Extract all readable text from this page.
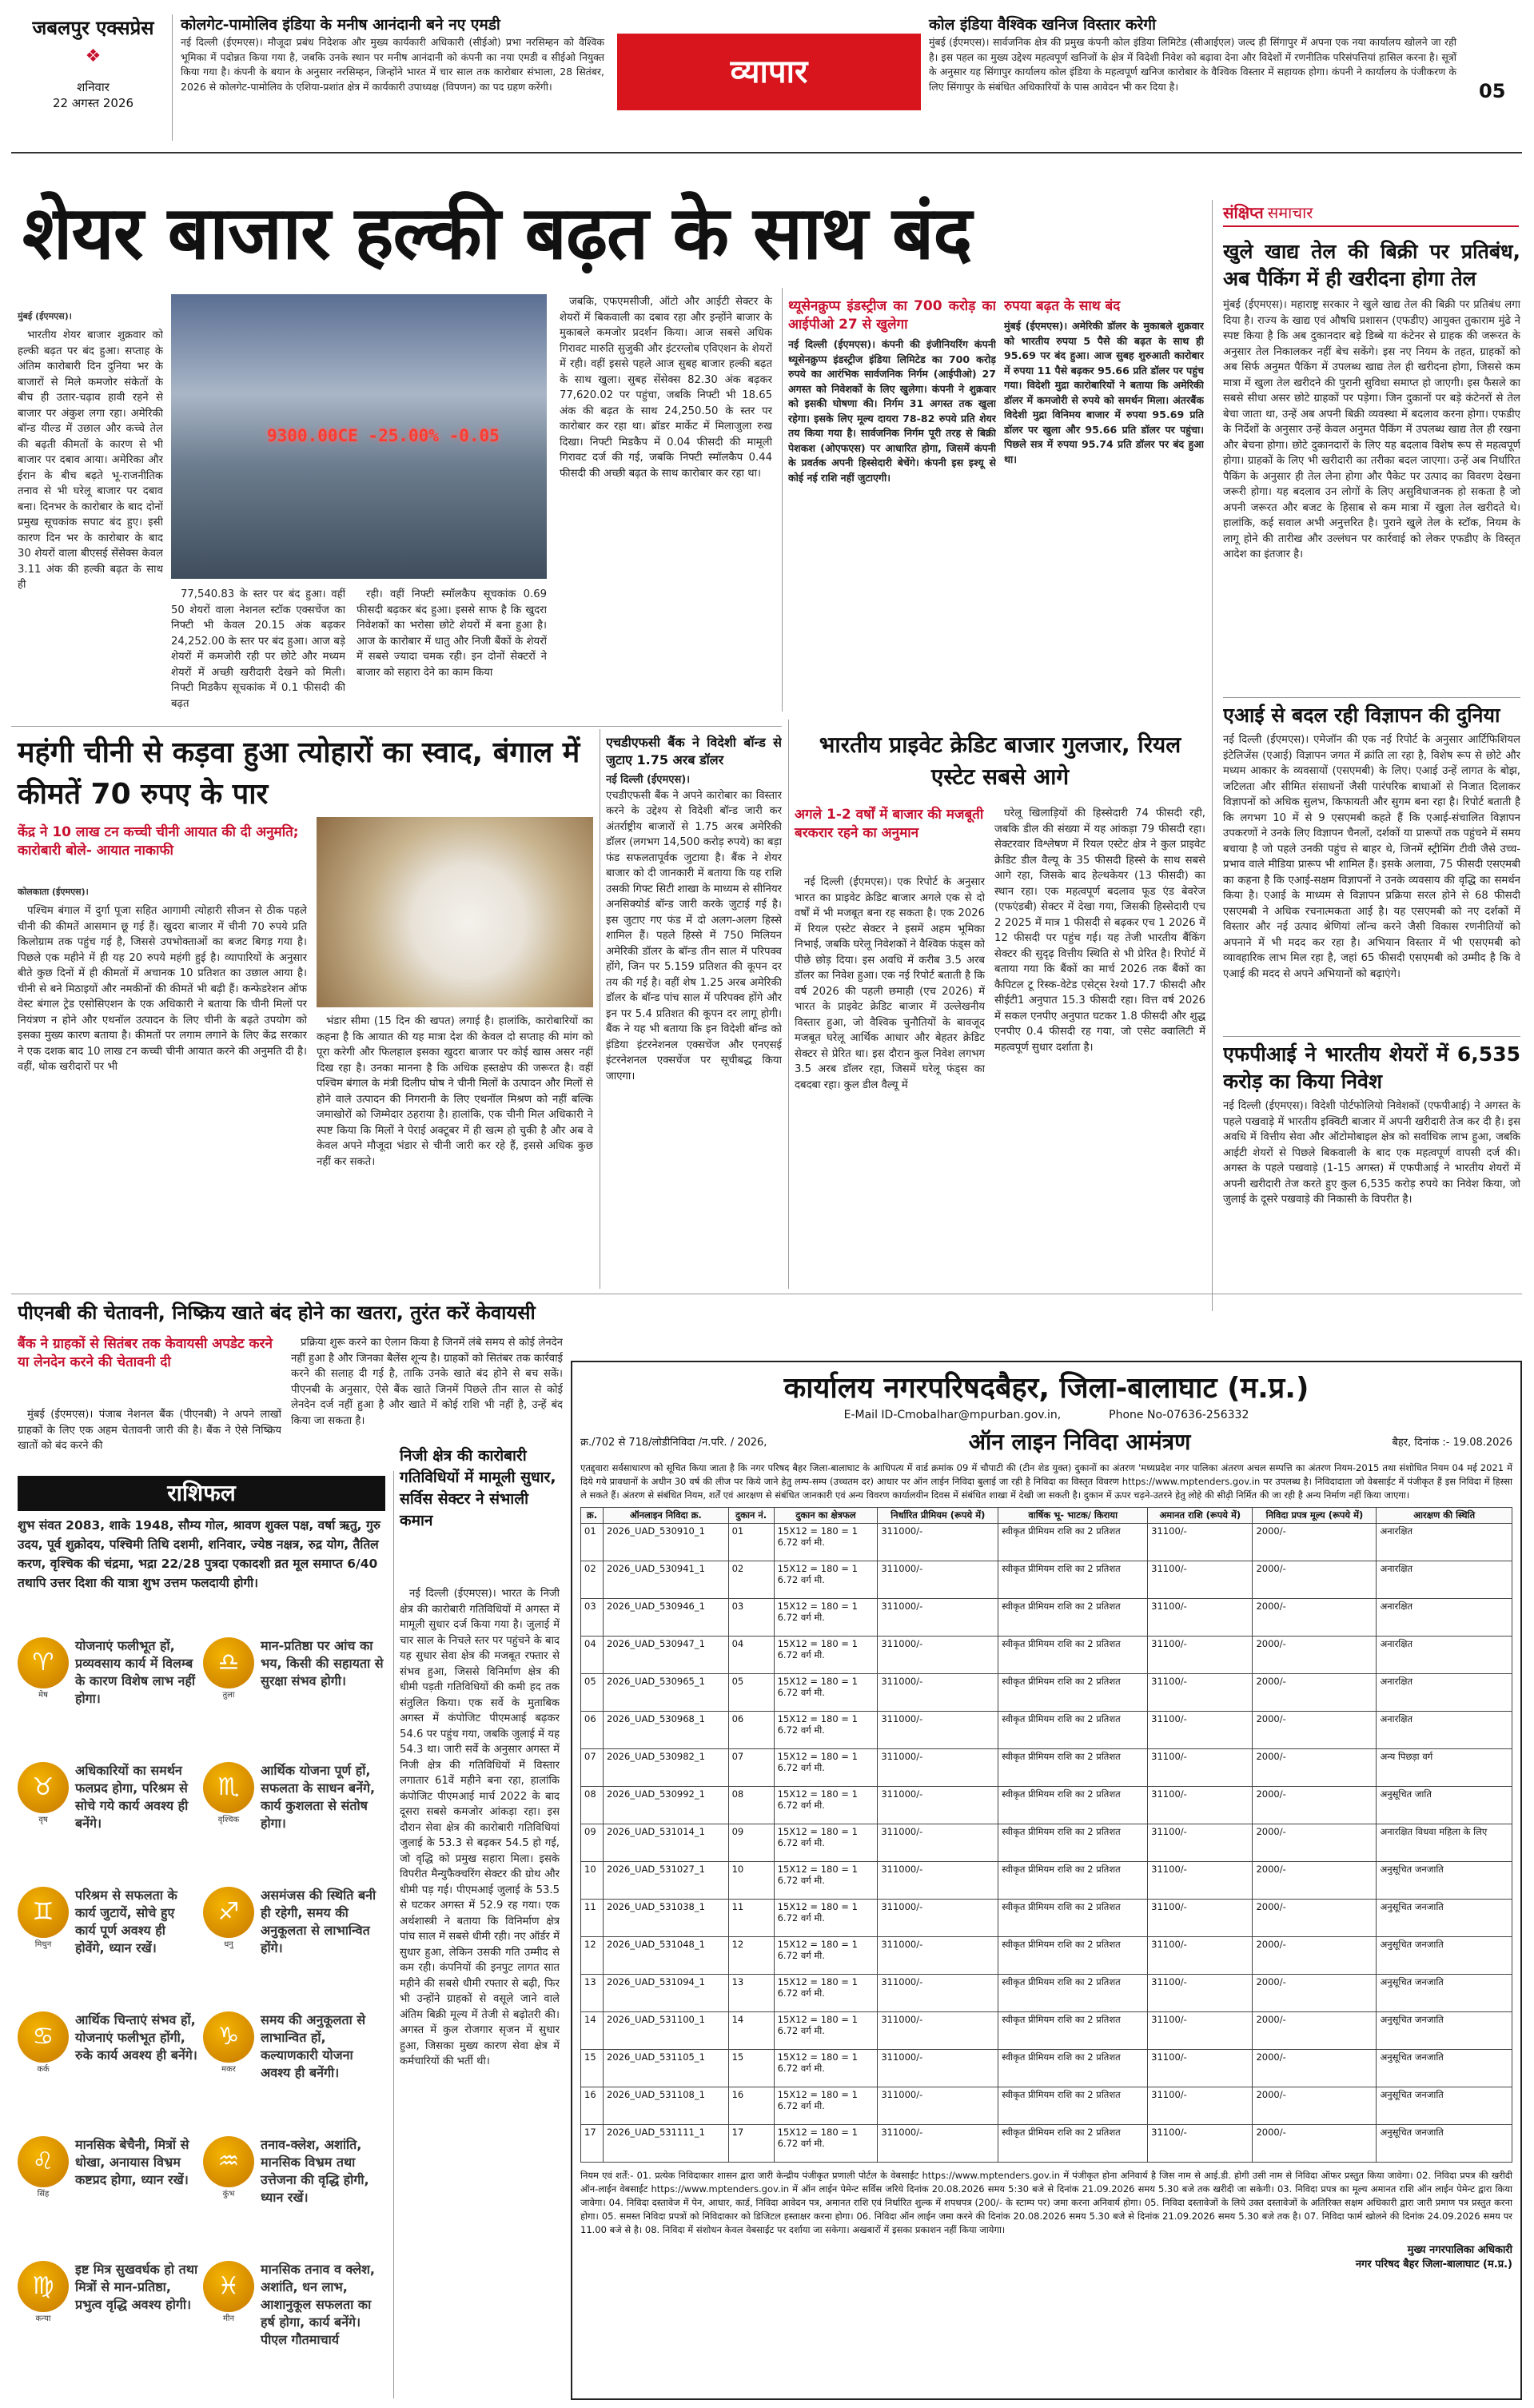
जबलपुर एक्सप्रेस
❖
शनिवार
22 अगस्त 2026
कोलगेट-पामोलिव इंडिया के मनीष आनंदानी बने नए एमडी
नई दिल्ली (ईएमएस)। मौजूदा प्रबंध निदेशक और मुख्य कार्यकारी अधिकारी (सीईओ) प्रभा नरसिम्हन को वैश्विक भूमिका में पदोन्नत किया गया है, जबकि उनके स्थान पर मनीष आनंदानी को कंपनी का नया एमडी व सीईओ नियुक्त किया गया है। कंपनी के बयान के अनुसार नरसिम्हन, जिन्होंने भारत में चार साल तक कारोबार संभाला, 28 सितंबर, 2026 से कोलगेट-पामोलिव के एशिया-प्रशांत क्षेत्र में कार्यकारी उपाध्यक्ष (विपणन) का पद ग्रहण करेंगी।	व्यापार
कोल इंडिया वैश्विक खनिज विस्तार करेगी
मुंबई (ईएमएस)। सार्वजनिक क्षेत्र की प्रमुख कंपनी कोल इंडिया लिमिटेड (सीआईएल) जल्द ही सिंगापुर में अपना एक नया कार्यालय खोलने जा रही है। इस पहल का मुख्य उद्देश्य महत्वपूर्ण खनिजों के क्षेत्र में विदेशी निवेश को बढ़ावा देना और विदेशों में रणनीतिक परिसंपत्तियां हासिल करना है। सूत्रों के अनुसार यह सिंगापुर कार्यालय कोल इंडिया के महत्वपूर्ण खनिज कारोबार के वैश्विक विस्तार में सहायक होगा। कंपनी ने कार्यालय के पंजीकरण के लिए सिंगापुर के संबंधित अधिकारियों के पास आवेदन भी कर दिया है।	05
शेयर बाजार हल्की बढ़त के साथ बंद
मुंबई (ईएमएस)।

भारतीय शेयर बाजार शुक्रवार को हल्की बढ़त पर बंद हुआ। सप्ताह के अंतिम कारोबारी दिन दुनिया भर के बाजारों से मिले कमजोर संकेतों के बीच ही उतार-चढ़ाव हावी रहने से बाजार पर अंकुश लगा रहा। अमेरिकी बॉन्ड यील्ड में उछाल और कच्चे तेल की बढ़ती कीमतों के कारण से भी बाजार पर दबाव आया। अमेरिका और ईरान के बीच बढ़ते भू-राजनीतिक तनाव से भी घरेलू बाजार पर दबाव बना। दिनभर के कारोबार के बाद दोनों प्रमुख सूचकांक सपाट बंद हुए। इसी कारण दिन भर के कारोबार के बाद 30 शेयरों वाला बीएसई सेंसेक्स केवल 3.11 अंक की हल्की बढ़त के साथ ही

9300.00CE -25.00% -0.05

77,540.83 के स्तर पर बंद हुआ। वहीं 50 शेयरों वाला नेशनल स्टॉक एक्सचेंज का निफ्टी भी केवल 20.15 अंक बढ़कर 24,252.00 के स्तर पर बंद हुआ। आज बड़े शेयरों में कमजोरी रही पर छोटे और मध्यम शेयरों में अच्छी खरीदारी देखने को मिली। निफ्टी मिडकैप सूचकांक में 0.1 फीसदी की बढ़त

रही। वहीं निफ्टी स्मॉलकैप सूचकांक 0.69 फीसदी बढ़कर बंद हुआ। इससे साफ है कि खुदरा निवेशकों का भरोसा छोटे शेयरों में बना हुआ है। आज के कारोबार में धातु और निजी बैंकों के शेयरों में सबसे ज्यादा चमक रही। इन दोनों सेक्टरों ने बाजार को सहारा देने का काम किया

जबकि, एफएमसीजी, ऑटो और आईटी सेक्टर के शेयरों में बिकवाली का दबाव रहा और इन्होंने बाजार के मुकाबले कमजोर प्रदर्शन किया। आज सबसे अधिक गिरावट मारुति सुजुकी और इंटरग्लोब एविएशन के शेयरों में रही। वहीं इससे पहले आज सुबह बाजार हल्की बढ़त के साथ खुला। सुबह सेंसेक्स 82.30 अंक बढ़कर 77,620.02 पर पहुंचा, जबकि निफ्टी भी 18.65 अंक की बढ़त के साथ 24,250.50 के स्तर पर कारोबार कर रहा था। ब्रॉडर मार्केट में मिलाजुला रुख दिखा। निफ्टी मिडकैप में 0.04 फीसदी की मामूली गिरावट दर्ज की गई, जबकि निफ्टी स्मॉलकैप 0.44 फीसदी की अच्छी बढ़त के साथ कारोबार कर रहा था।

थ्यूसेनक्रुप्प इंडस्ट्रीज का 700 करोड़ का आईपीओ 27 से खुलेगा
नई दिल्ली (ईएमएस)। कंपनी की इंजीनियरिंग कंपनी थ्यूसेनक्रुप्प इंडस्ट्रीज इंडिया लिमिटेड का 700 करोड़ रुपये का आरंभिक सार्वजनिक निर्गम (आईपीओ) 27 अगस्त को निवेशकों के लिए खुलेगा। कंपनी ने शुक्रवार को इसकी घोषणा की। निर्गम 31 अगस्त तक खुला रहेगा। इसके लिए मूल्य दायरा 78-82 रुपये प्रति शेयर तय किया गया है। सार्वजनिक निर्गम पूरी तरह से बिक्री पेशकश (ओएफएस) पर आधारित होगा, जिसमें कंपनी के प्रवर्तक अपनी हिस्सेदारी बेचेंगे। कंपनी इस इश्यू से कोई नई राशि नहीं जुटाएगी।
रुपया बढ़त के साथ बंद
मुंबई (ईएमएस)। अमेरिकी डॉलर के मुकाबले शुक्रवार को भारतीय रुपया 5 पैसे की बढ़त के साथ ही 95.69 पर बंद हुआ। आज सुबह शुरुआती कारोबार में रुपया 11 पैसे बढ़कर 95.66 प्रति डॉलर पर पहुंच गया। विदेशी मुद्रा कारोबारियों ने बताया कि अमेरिकी डॉलर में कमजोरी से रुपये को समर्थन मिला। अंतरबैंक विदेशी मुद्रा विनिमय बाजार में रुपया 95.69 प्रति डॉलर पर खुला और 95.66 प्रति डॉलर पर पहुंचा। पिछले सत्र में रुपया 95.74 प्रति डॉलर पर बंद हुआ था।
संक्षिप्त समाचार
खुले खाद्य तेल की बिक्री पर प्रतिबंध, अब पैकिंग में ही खरीदना होगा तेल
मुंबई (ईएमएस)। महाराष्ट्र सरकार ने खुले खाद्य तेल की बिक्री पर प्रतिबंध लगा दिया है। राज्य के खाद्य एवं औषधि प्रशासन (एफडीए) आयुक्त तुकाराम मुंढे ने स्पष्ट किया है कि अब दुकानदार बड़े डिब्बे या कंटेनर से ग्राहक की जरूरत के अनुसार तेल निकालकर नहीं बेच सकेंगे। इस नए नियम के तहत, ग्राहकों को अब सिर्फ अनुमत पैकिंग में उपलब्ध खाद्य तेल ही खरीदना होगा, जिससे कम मात्रा में खुला तेल खरीदने की पुरानी सुविधा समाप्त हो जाएगी। इस फैसले का सबसे सीधा असर छोटे ग्राहकों पर पड़ेगा। जिन दुकानों पर बड़े कंटेनरों से तेल बेचा जाता था, उन्हें अब अपनी बिक्री व्यवस्था में बदलाव करना होगा। एफडीए के निर्देशों के अनुसार उन्हें केवल अनुमत पैकिंग में उपलब्ध खाद्य तेल ही रखना और बेचना होगा। छोटे दुकानदारों के लिए यह बदलाव विशेष रूप से महत्वपूर्ण होगा। ग्राहकों के लिए भी खरीदारी का तरीका बदल जाएगा। उन्हें अब निर्धारित पैकिंग के अनुसार ही तेल लेना होगा और पैकेट पर उत्पाद का विवरण देखना जरूरी होगा। यह बदलाव उन लोगों के लिए असुविधाजनक हो सकता है जो अपनी जरूरत और बजट के हिसाब से कम मात्रा में खुला तेल खरीदते थे। हालांकि, कई सवाल अभी अनुत्तरित है। पुराने खुले तेल के स्टॉक, नियम के लागू होने की तारीख और उल्लंघन पर कार्रवाई को लेकर एफडीए के विस्तृत आदेश का इंतजार है।
एआई से बदल रही विज्ञापन की दुनिया
नई दिल्ली (ईएमएस)। एमेजॉन की एक नई रिपोर्ट के अनुसार आर्टिफिशियल इंटेलिजेंस (एआई) विज्ञापन जगत में क्रांति ला रहा है, विशेष रूप से छोटे और मध्यम आकार के व्यवसायों (एसएमबी) के लिए। एआई उन्हें लागत के बोझ, जटिलता और सीमित संसाधनों जैसी पारंपरिक बाधाओं से निजात दिलाकर विज्ञापनों को अधिक सुलभ, किफायती और सुगम बना रहा है। रिपोर्ट बताती है कि लगभग 10 में से 9 एसएमबी कहते हैं कि एआई-संचालित विज्ञापन उपकरणों ने उनके लिए विज्ञापन चैनलों, दर्शकों या प्रारूपों तक पहुंचने में समय बचाया है जो पहले उनकी पहुंच से बाहर थे, जिनमें स्ट्रीमिंग टीवी जैसे उच्च-प्रभाव वाले मीडिया प्रारूप भी शामिल हैं। इसके अलावा, 75 फीसदी एसएमबी का कहना है कि एआई-सक्षम विज्ञापनों ने उनके व्यवसाय की वृद्धि का समर्थन किया है। एआई के माध्यम से विज्ञापन प्रक्रिया सरल होने से 68 फीसदी एसएमबी ने अधिक रचनात्मकता आई है। यह एसएमबी को नए दर्शकों में विस्तार और नई उत्पाद श्रेणियां लॉन्च करने जैसी विकास रणनीतियों को अपनाने में भी मदद कर रहा है। अभियान विस्तार में भी एसएमबी को व्यावहारिक लाभ मिल रहा है, जहां 65 फीसदी एसएमबी को उम्मीद है कि वे एआई की मदद से अपने अभियानों को बढ़ाएंगे।
एफपीआई ने भारतीय शेयरों में 6,535 करोड़ का किया निवेश
नई दिल्ली (ईएमएस)। विदेशी पोर्टफोलियो निवेशकों (एफपीआई) ने अगस्त के पहले पखवाड़े में भारतीय इक्विटी बाजार में अपनी खरीदारी तेज कर दी है। इस अवधि में वित्तीय सेवा और ऑटोमोबाइल क्षेत्र को सर्वाधिक लाभ हुआ, जबकि आईटी शेयरों से पिछले बिकवाली के बाद एक महत्वपूर्ण वापसी दर्ज की। अगस्त के पहले पखवाड़े (1-15 अगस्त) में एफपीआई ने भारतीय शेयरों में अपनी खरीदारी तेज करते हुए कुल 6,535 करोड़ रुपये का निवेश किया, जो जुलाई के दूसरे पखवाड़े की निकासी के विपरीत है।
महंगी चीनी से कड़वा हुआ त्योहारों का स्वाद, बंगाल में कीमतें 70 रुपए के पार
केंद्र ने 10 लाख टन कच्ची चीनी आयात की दी अनुमति; कारोबारी बोले- आयात नाकाफी
कोलकाता (ईएमएस)।

पश्चिम बंगाल में दुर्गा पूजा सहित आगामी त्योहारी सीजन से ठीक पहले चीनी की कीमतें आसमान छू गई हैं। खुदरा बाजार में चीनी 70 रुपये प्रति किलोग्राम तक पहुंच गई है, जिससे उपभोक्ताओं का बजट बिगड़ गया है। पिछले एक महीने में ही यह 20 रुपये महंगी हुई है। व्यापारियों के अनुसार बीते कुछ दिनों में ही कीमतों में अचानक 10 प्रतिशत का उछाल आया है। चीनी से बने मिठाइयों और नमकीनों की कीमतें भी बढ़ी हैं। कन्फेडरेशन ऑफ वेस्ट बंगाल ट्रेड एसोसिएशन के एक अधिकारी ने बताया कि चीनी मिलों पर नियंत्रण न होने और एथनॉल उत्पादन के लिए चीनी के बढ़ते उपयोग को इसका मुख्य कारण बताया है। कीमतों पर लगाम लगाने के लिए केंद्र सरकार ने एक दशक बाद 10 लाख टन कच्ची चीनी आयात करने की अनुमति दी है। वहीं, थोक खरीदारों पर भी

भंडार सीमा (15 दिन की खपत) लगाई है। हालांकि, कारोबारियों का कहना है कि आयात की यह मात्रा देश की केवल दो सप्ताह की मांग को पूरा करेगी और फिलहाल इसका खुदरा बाजार पर कोई खास असर नहीं दिख रहा है। उनका मानना है कि अधिक हस्तक्षेप की जरूरत है। वहीं पश्चिम बंगाल के मंत्री दिलीप घोष ने चीनी मिलों के उत्पादन और मिलों से होने वाले उत्पादन की निगरानी के लिए एथनॉल मिश्रण को नहीं बल्कि जमाखोरों को जिम्मेदार ठहराया है। हालांकि, एक चीनी मिल अधिकारी ने स्पष्ट किया कि मिलों ने पेराई अक्टूबर में ही खत्म हो चुकी है और अब वे केवल अपने मौजूदा भंडार से चीनी जारी कर रहे हैं, इससे अधिक कुछ नहीं कर सकते।

एचडीएफसी बैंक ने विदेशी बॉन्ड से जुटाए 1.75 अरब डॉलर
नई दिल्ली (ईएमएस)।
एचडीएफसी बैंक ने अपने कारोबार का विस्तार करने के उद्देश्य से विदेशी बॉन्ड जारी कर अंतर्राष्ट्रीय बाजारों से 1.75 अरब अमेरिकी डॉलर (लगभग 14,500 करोड़ रुपये) का बड़ा फंड सफलतापूर्वक जुटाया है। बैंक ने शेयर बाजार को दी जानकारी में बताया कि यह राशि उसकी गिफ्ट सिटी शाखा के माध्यम से सीनियर अनसिक्योर्ड बॉन्ड जारी करके जुटाई गई है। इस जुटाए गए फंड में दो अलग-अलग हिस्से शामिल हैं। पहले हिस्से में 750 मिलियन अमेरिकी डॉलर के बॉन्ड तीन साल में परिपक्व होंगे, जिन पर 5.159 प्रतिशत की कूपन दर तय की गई है। वहीं शेष 1.25 अरब अमेरिकी डॉलर के बॉन्ड पांच साल में परिपक्व होंगे और इन पर 5.4 प्रतिशत की कूपन दर लागू होगी। बैंक ने यह भी बताया कि इन विदेशी बॉन्ड को इंडिया इंटरनेशनल एक्सचेंज और एनएसई इंटरनेशनल एक्सचेंज पर सूचीबद्ध किया जाएगा।
भारतीय प्राइवेट क्रेडिट बाजार गुलजार, रियल एस्टेट सबसे आगे
अगले 1-2 वर्षों में बाजार की मजबूती बरकरार रहने का अनुमान

नई दिल्ली (ईएमएस)। एक रिपोर्ट के अनुसार भारत का प्राइवेट क्रेडिट बाजार अगले एक से दो वर्षों में भी मजबूत बना रह सकता है। एक 2026 में रियल एस्टेट सेक्टर ने इसमें अहम भूमिका निभाई, जबकि घरेलू निवेशकों ने वैश्विक फंड्स को पीछे छोड़ दिया। इस अवधि में करीब 3.5 अरब डॉलर का निवेश हुआ। एक नई रिपोर्ट बताती है कि वर्ष 2026 की पहली छमाही (एच 2026) में भारत के प्राइवेट क्रेडिट बाजार में उल्लेखनीय विस्तार हुआ, जो वैश्विक चुनौतियों के बावजूद मजबूत घरेलू आर्थिक आधार और बेहतर क्रेडिट सेक्टर से प्रेरित था। इस दौरान कुल निवेश लगभग 3.5 अरब डॉलर रहा, जिसमें घरेलू फंड्स का दबदबा रहा। कुल डील वैल्यू में

घरेलू खिलाड़ियों की हिस्सेदारी 74 फीसदी रही, जबकि डील की संख्या में यह आंकड़ा 79 फीसदी रहा। सेक्टरवार विश्लेषण में रियल एस्टेट क्षेत्र ने कुल प्राइवेट क्रेडिट डील वैल्यू के 35 फीसदी हिस्से के साथ सबसे आगे रहा, जिसके बाद हेल्थकेयर (13 फीसदी) का स्थान रहा। एक महत्वपूर्ण बदलाव फूड एंड बेवरेज (एफएंडबी) सेक्टर में देखा गया, जिसकी हिस्सेदारी एच 2 2025 में मात्र 1 फीसदी से बढ़कर एच 1 2026 में 12 फीसदी पर पहुंच गई। यह तेजी भारतीय बैंकिंग सेक्टर की सुदृढ़ वित्तीय स्थिति से भी प्रेरित है। रिपोर्ट में बताया गया कि बैंकों का मार्च 2026 तक बैंकों का कैपिटल टू रिस्क-वेटेड एसेट्स रेश्यो 17.7 फीसदी और सीईटी1 अनुपात 15.3 फीसदी रहा। वित्त वर्ष 2026 में सकल एनपीए अनुपात घटकर 1.8 फीसदी और शुद्ध एनपीए 0.4 फीसदी रह गया, जो एसेट क्वालिटी में महत्वपूर्ण सुधार दर्शाता है।

पीएनबी की चेतावनी, निष्क्रिय खाते बंद होने का खतरा, तुरंत करें केवायसी
बैंक ने ग्राहकों से सितंबर तक केवायसी अपडेट करने या लेनदेन करने की चेतावनी दी

मुंबई (ईएमएस)। पंजाब नेशनल बैंक (पीएनबी) ने अपने लाखों ग्राहकों के लिए एक अहम चेतावनी जारी की है। बैंक ने ऐसे निष्क्रिय खातों को बंद करने की

प्रक्रिया शुरू करने का ऐलान किया है जिनमें लंबे समय से कोई लेनदेन नहीं हुआ है और जिनका बैलेंस शून्य है। ग्राहकों को सितंबर तक कार्रवाई करने की सलाह दी गई है, ताकि उनके खाते बंद होने से बच सकें। पीएनबी के अनुसार, ऐसे बैंक खाते जिनमें पिछले तीन साल से कोई लेनदेन दर्ज नहीं हुआ है और खाते में कोई राशि भी नहीं है, उन्हें बंद किया जा सकता है।

राशिफल
शुभ संवत 2083, शाके 1948, सौम्य गोल, श्रावण शुक्ल पक्ष, वर्षा ऋतु, गुरु उदय, पूर्व शुक्रोदय, पश्चिमी तिथि दशमी, शनिवार, ज्येष्ठ नक्षत्र, रुद्र योग, तैतिल करण, वृश्चिक की चंद्रमा, भद्रा 22/28 पुत्रदा एकादशी व्रत मूल समाप्त 6/40 तथापि उत्तर दिशा की यात्रा शुभ उत्तम फलदायी होगी।
♈
मेष
योजनाएं फलीभूत हों, प्रव्यवसाय कार्य में विलम्ब के कारण विशेष लाभ नहीं होगा।
♎
तुला
मान-प्रतिष्ठा पर आंच का भय, किसी की सहायता से सुरक्षा संभव होगी।
♉
वृष
अधिकारियों का समर्थन फलप्रद होगा, परिश्रम से सोचे गये कार्य अवश्य ही बनेंगे।
♏
वृश्चिक
आर्थिक योजना पूर्ण हों, सफलता के साधन बनेंगे, कार्य कुशलता से संतोष होगा।
♊
मिथुन
परिश्रम से सफलता के कार्य जुटायें, सोचे हुए कार्य पूर्ण अवश्य ही होवेंगे, ध्यान रखें।
♐
धनु
असमंजस की स्थिति बनी ही रहेगी, समय की अनुकूलता से लाभान्वित होंगे।
♋
कर्क
आर्थिक चिन्ताएं संभव हों, योजनाएं फलीभूत होंगी, रुके कार्य अवश्य ही बनेंगे।
♑
मकर
समय की अनुकूलता से लाभान्वित हों, कल्याणकारी योजना अवश्य ही बनेंगी।
♌
सिंह
मानसिक बेचैनी, मित्रों से धोखा, अनायास विभ्रम कष्टप्रद होगा, ध्यान रखें।
♒
कुंभ
तनाव-क्लेश, अशांति, मानसिक विभ्रम तथा उत्तेजना की वृद्धि होगी, ध्यान रखें।
♍
कन्या
इष्ट मित्र सुखवर्धक हो तथा मित्रों से मान-प्रतिष्ठा, प्रभुत्व वृद्धि अवश्य होगी।
♓
मीन
मानसिक तनाव व क्लेश, अशांति, धन लाभ, आशानुकूल सफलता का हर्ष होगा, कार्य बनेंगे। पीएल गौतमाचार्य
निजी क्षेत्र की कारोबारी गतिविधियों में मामूली सुधार, सर्विस सेक्टर ने संभाली कमान

नई दिल्ली (ईएमएस)। भारत के निजी क्षेत्र की कारोबारी गतिविधियों में अगस्त में मामूली सुधार दर्ज किया गया है। जुलाई में चार साल के निचले स्तर पर पहुंचने के बाद यह सुधार सेवा क्षेत्र की मजबूत रफ्तार से संभव हुआ, जिससे विनिर्माण क्षेत्र की धीमी पड़ती गतिविधियों की कमी हद तक संतुलित किया। एक सर्वे के मुताबिक अगस्त में कंपोजिट पीएमआई बढ़कर 54.6 पर पहुंच गया, जबकि जुलाई में यह 54.3 था। जारी सर्वे के अनुसार अगस्त में निजी क्षेत्र की गतिविधियों में विस्तार लगातार 61वें महीने बना रहा, हालांकि कंपोजिट पीएमआई मार्च 2022 के बाद दूसरा सबसे कमजोर आंकड़ा रहा। इस दौरान सेवा क्षेत्र की कारोबारी गतिविधियां जुलाई के 53.3 से बढ़कर 54.5 हो गई, जो वृद्धि को प्रमुख सहारा मिला। इसके विपरीत मैन्युफैक्चरिंग सेक्टर की ग्रोथ और धीमी पड़ गई। पीएमआई जुलाई के 53.5 से घटकर अगस्त में 52.9 रह गया। एक अर्थशास्त्री ने बताया कि विनिर्माण क्षेत्र पांच साल में सबसे धीमी रही। नए ऑर्डर में सुधार हुआ, लेकिन उसकी गति उम्मीद से कम रही। कंपनियों की इनपुट लागत सात महीने की सबसे धीमी रफ्तार से बढ़ी, फिर भी उन्होंने ग्राहकों से वसूले जाने वाले अंतिम बिक्री मूल्य में तेजी से बढ़ोतरी की। अगस्त में कुल रोजगार सृजन में सुधार हुआ, जिसका मुख्य कारण सेवा क्षेत्र में कर्मचारियों की भर्ती थी।

कार्यालय नगरपरिषदबैहर, जिला-बालाघाट (म.प्र.)
E-Mail ID-Cmobalhar@mpurban.gov.in,	Phone No-07636-256332
क्र./702 से 718/लोडीनिविदा /न.परि. / 2026,	ऑन लाइन निविदा आमंत्रण	बैहर, दिनांक :- 19.08.2026
एतद्द्वारा सर्वसाधारण को सूचित किया जाता है कि नगर परिषद बैहर जिला-बालाघाट के आधिपत्य में वार्ड क्रमांक 09 में चौपाटी की (टीन शेड युक्त) दुकानों का अंतरण 'मध्यप्रदेश नगर पालिका अंतरण अचल सम्पत्ति का अंतरण नियम-2015 तथा संशोधित नियम 04 मई 2021 में दिये गये प्रावधानों के अधीन 30 वर्ष की लीज पर किये जाने हेतु लम्प-सम्प (उच्चतम दर) आधार पर ऑन लाईन निविदा बुलाई जा रही है निविदा का विस्तृत विवरण https://www.mptenders.gov.in पर उपलब्ध है। निविदादाता जो वेबसाईट में पंजीकृत हैं इस निविदा में हिस्सा ले सकते हैं। अंतरण से संबंधित नियम, शर्तें एवं आरक्षण से संबंधित जानकारी एवं अन्य विवरण कार्यालयीन दिवस में संबंधित शाखा में देखी जा सकती है। दुकान में ऊपर चढ़ने-उतरने हेतु लोहे की सीढ़ी निर्मित की जा रही है अन्य निर्माण नहीं किया जाएगा।
क्र.	ऑनलाइन निविदा क्र.	दुकान नं.	दुकान का क्षेत्रफल	निर्धारित प्रीमियम (रूपये में)	वार्षिक भू- भाटक/ किराया	अमानत राशि (रूपये में)	निविदा प्रपत्र मूल्य (रूपये में)	आरक्षण की स्थिति
01	2026_UAD_530910_1	01	15X12 = 180 = 1
6.72 वर्ग मी.	311000/-	स्वीकृत प्रीमियम राशि का 2 प्रतिशत	31100/-	2000/-	अनारक्षित
02	2026_UAD_530941_1	02	15X12 = 180 = 1
6.72 वर्ग मी.	311000/-	स्वीकृत प्रीमियम राशि का 2 प्रतिशत	31100/-	2000/-	अनारक्षित
03	2026_UAD_530946_1	03	15X12 = 180 = 1
6.72 वर्ग मी.	311000/-	स्वीकृत प्रीमियम राशि का 2 प्रतिशत	31100/-	2000/-	अनारक्षित
04	2026_UAD_530947_1	04	15X12 = 180 = 1
6.72 वर्ग मी.	311000/-	स्वीकृत प्रीमियम राशि का 2 प्रतिशत	31100/-	2000/-	अनारक्षित
05	2026_UAD_530965_1	05	15X12 = 180 = 1
6.72 वर्ग मी.	311000/-	स्वीकृत प्रीमियम राशि का 2 प्रतिशत	31100/-	2000/-	अनारक्षित
06	2026_UAD_530968_1	06	15X12 = 180 = 1
6.72 वर्ग मी.	311000/-	स्वीकृत प्रीमियम राशि का 2 प्रतिशत	31100/-	2000/-	अनारक्षित
07	2026_UAD_530982_1	07	15X12 = 180 = 1
6.72 वर्ग मी.	311000/-	स्वीकृत प्रीमियम राशि का 2 प्रतिशत	31100/-	2000/-	अन्य पिछड़ा वर्ग
08	2026_UAD_530992_1	08	15X12 = 180 = 1
6.72 वर्ग मी.	311000/-	स्वीकृत प्रीमियम राशि का 2 प्रतिशत	31100/-	2000/-	अनुसूचित जाति
09	2026_UAD_531014_1	09	15X12 = 180 = 1
6.72 वर्ग मी.	311000/-	स्वीकृत प्रीमियम राशि का 2 प्रतिशत	31100/-	2000/-	अनारक्षित विधवा महिला के लिए
10	2026_UAD_531027_1	10	15X12 = 180 = 1
6.72 वर्ग मी.	311000/-	स्वीकृत प्रीमियम राशि का 2 प्रतिशत	31100/-	2000/-	अनुसूचित जनजाति
11	2026_UAD_531038_1	11	15X12 = 180 = 1
6.72 वर्ग मी.	311000/-	स्वीकृत प्रीमियम राशि का 2 प्रतिशत	31100/-	2000/-	अनुसूचित जनजाति
12	2026_UAD_531048_1	12	15X12 = 180 = 1
6.72 वर्ग मी.	311000/-	स्वीकृत प्रीमियम राशि का 2 प्रतिशत	31100/-	2000/-	अनुसूचित जनजाति
13	2026_UAD_531094_1	13	15X12 = 180 = 1
6.72 वर्ग मी.	311000/-	स्वीकृत प्रीमियम राशि का 2 प्रतिशत	31100/-	2000/-	अनुसूचित जनजाति
14	2026_UAD_531100_1	14	15X12 = 180 = 1
6.72 वर्ग मी.	311000/-	स्वीकृत प्रीमियम राशि का 2 प्रतिशत	31100/-	2000/-	अनुसूचित जनजाति
15	2026_UAD_531105_1	15	15X12 = 180 = 1
6.72 वर्ग मी.	311000/-	स्वीकृत प्रीमियम राशि का 2 प्रतिशत	31100/-	2000/-	अनुसूचित जनजाति
16	2026_UAD_531108_1	16	15X12 = 180 = 1
6.72 वर्ग मी.	311000/-	स्वीकृत प्रीमियम राशि का 2 प्रतिशत	31100/-	2000/-	अनुसूचित जनजाति
17	2026_UAD_531111_1	17	15X12 = 180 = 1
6.72 वर्ग मी.	311000/-	स्वीकृत प्रीमियम राशि का 2 प्रतिशत	31100/-	2000/-	अनुसूचित जनजाति
नियम एवं शर्तें:- 01. प्रत्येक निविदाकार शासन द्वारा जारी केन्द्रीय पंजीकृत प्रणाली पोर्टल के वेबसाईट https://www.mptenders.gov.in में पंजीकृत होना अनिवार्य है जिस नाम से आई.डी. होगी उसी नाम से निविदा ऑफर प्रस्तुत किया जावेगा। 02. निविदा प्रपत्र की खरीदी ऑन-लाईन वेबसाईट https://www.mptenders.gov.in में ऑन लाईन पेमेन्ट सर्विस जरिये दिनांक 20.08.2026 समय 5:30 बजे से दिनांक 21.09.2026 समय 5.30 बजे तक खरीदी जा सकेगी। 03. निविदा प्रपत्र का मूल्य अमानत राशि ऑन लाईन पेमेन्ट द्वारा किया जावेगा। 04. निविदा दस्तावेज में पेन, आधार, कार्ड, निविदा आवेदन पत्र, अमानत राशि एवं निर्धारित शुल्क में शपथपत्र (200/- के स्टाम्प पर) जमा करना अनिवार्य होगा। 05. निविदा दस्तावेजों के लिये उक्त दस्तावेजों के अतिरिक्त सक्षम अधिकारी द्वारा जारी प्रमाण पत्र प्रस्तुत करना होगा। 05. समस्त निविदा प्रपत्रों को निविदाकार को डिजिटल हस्ताक्षर करना होगा। 06. निविदा ऑन लाईन जमा करने की दिनांक 20.08.2026 समय 5.30 बजे से दिनांक 21.09.2026 समय 5.30 बजे तक है। 07. निविदा फार्म खोलने की दिनांक 24.09.2026 समय पर 11.00 बजे से है। 08. निविदा में संशोधन केवल वेबसाईट पर दर्शाया जा सकेगा। अखबारों में इसका प्रकाशन नहीं किया जायेगा।
मुख्य नगरपालिका अधिकारी
नगर परिषद बैहर जिला-बालाघाट (म.प्र.)
